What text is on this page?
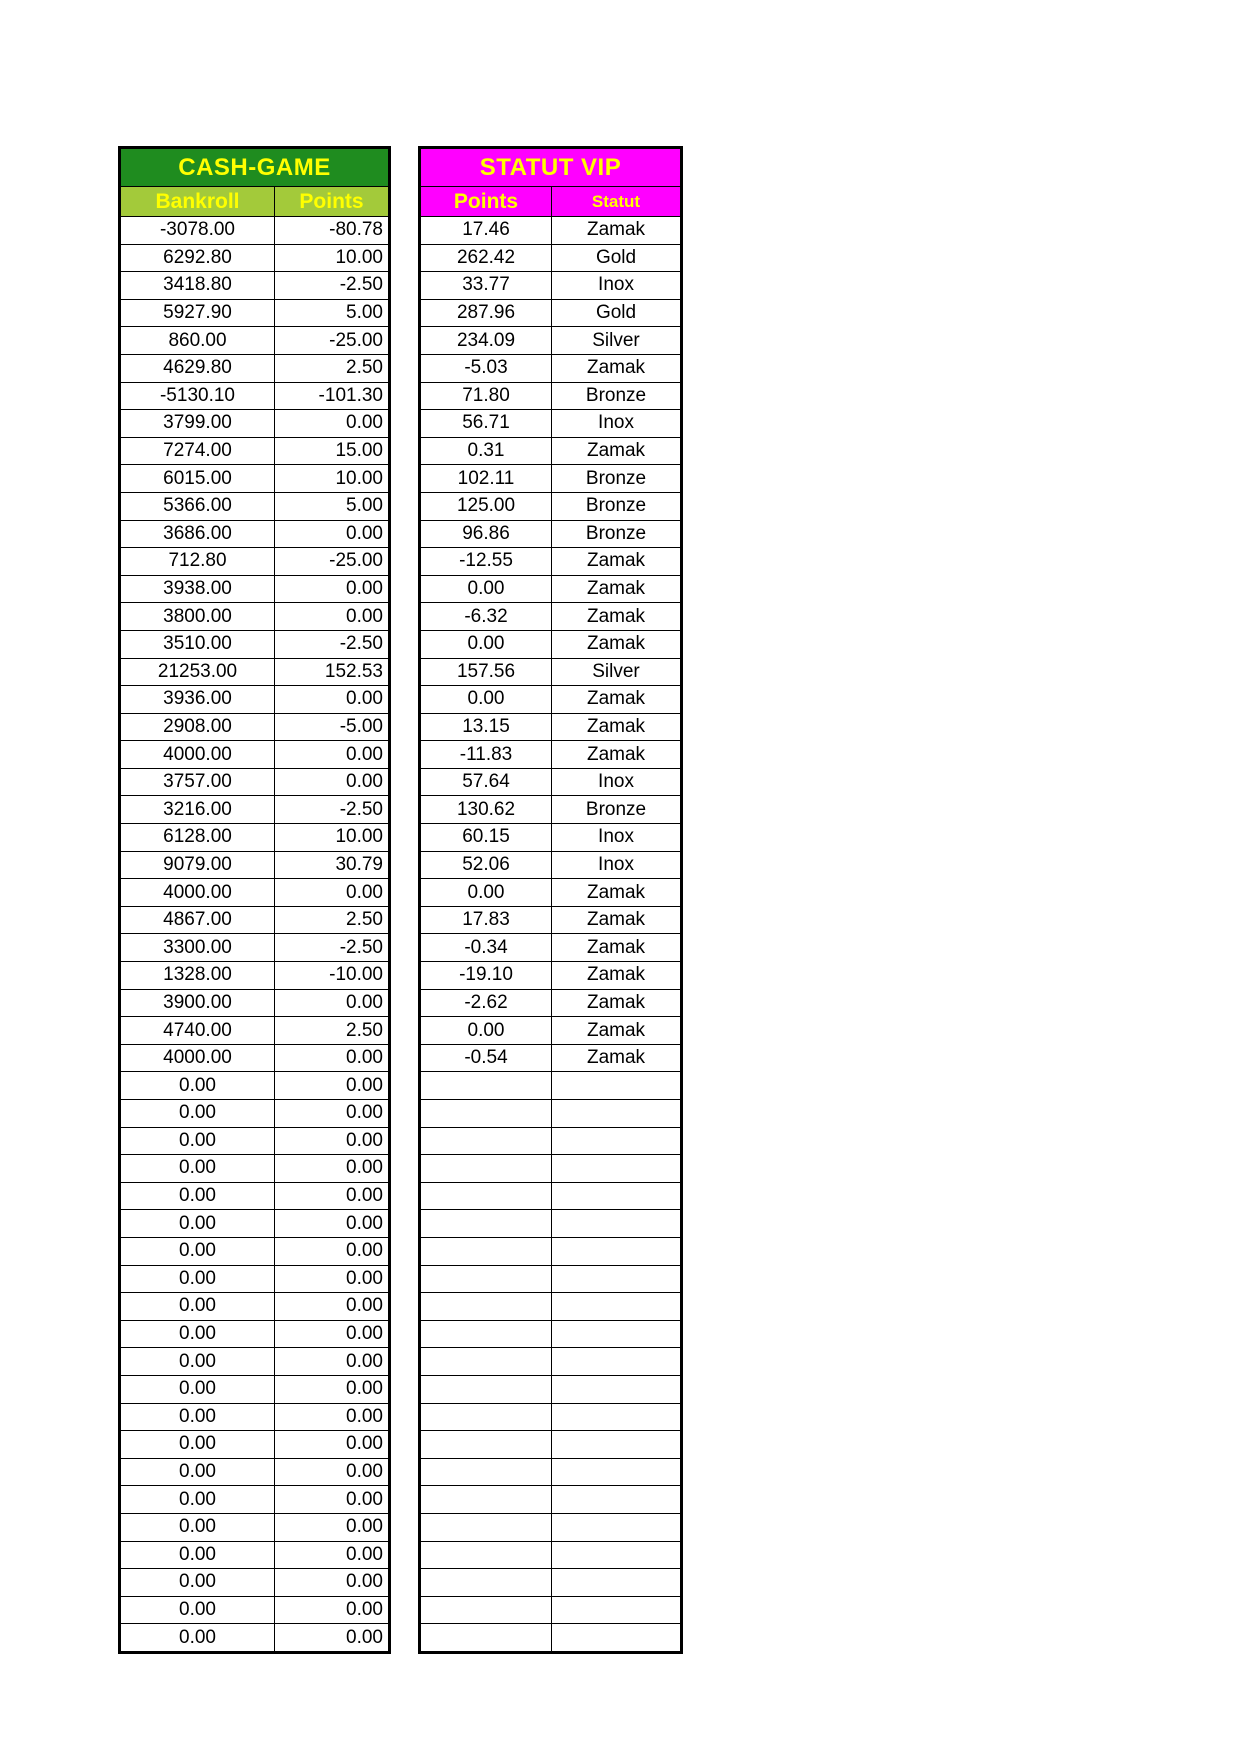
CASH-GAME	
Bankroll	Points
-3078.00	-80.78
6292.80	10.00
3418.80	-2.50
5927.90	5.00
860.00	-25.00
4629.80	2.50
-5130.10	-101.30
3799.00	0.00
7274.00	15.00
6015.00	10.00
5366.00	5.00
3686.00	0.00
712.80	-25.00
3938.00	0.00
3800.00	0.00
3510.00	-2.50
21253.00	152.53
3936.00	0.00
2908.00	-5.00
4000.00	0.00
3757.00	0.00
3216.00	-2.50
6128.00	10.00
9079.00	30.79
4000.00	0.00
4867.00	2.50
3300.00	-2.50
1328.00	-10.00
3900.00	0.00
4740.00	2.50
4000.00	0.00
0.00	0.00
0.00	0.00
0.00	0.00
0.00	0.00
0.00	0.00
0.00	0.00
0.00	0.00
0.00	0.00
0.00	0.00
0.00	0.00
0.00	0.00
0.00	0.00
0.00	0.00
0.00	0.00
0.00	0.00
0.00	0.00
0.00	0.00
0.00	0.00
0.00	0.00
0.00	0.00
0.00	0.00
STATUT VIP	
Points	Statut
17.46	Zamak
262.42	Gold
33.77	Inox
287.96	Gold
234.09	Silver
-5.03	Zamak
71.80	Bronze
56.71	Inox
0.31	Zamak
102.11	Bronze
125.00	Bronze
96.86	Bronze
-12.55	Zamak
0.00	Zamak
-6.32	Zamak
0.00	Zamak
157.56	Silver
0.00	Zamak
13.15	Zamak
-11.83	Zamak
57.64	Inox
130.62	Bronze
60.15	Inox
52.06	Inox
0.00	Zamak
17.83	Zamak
-0.34	Zamak
-19.10	Zamak
-2.62	Zamak
0.00	Zamak
-0.54	Zamak
